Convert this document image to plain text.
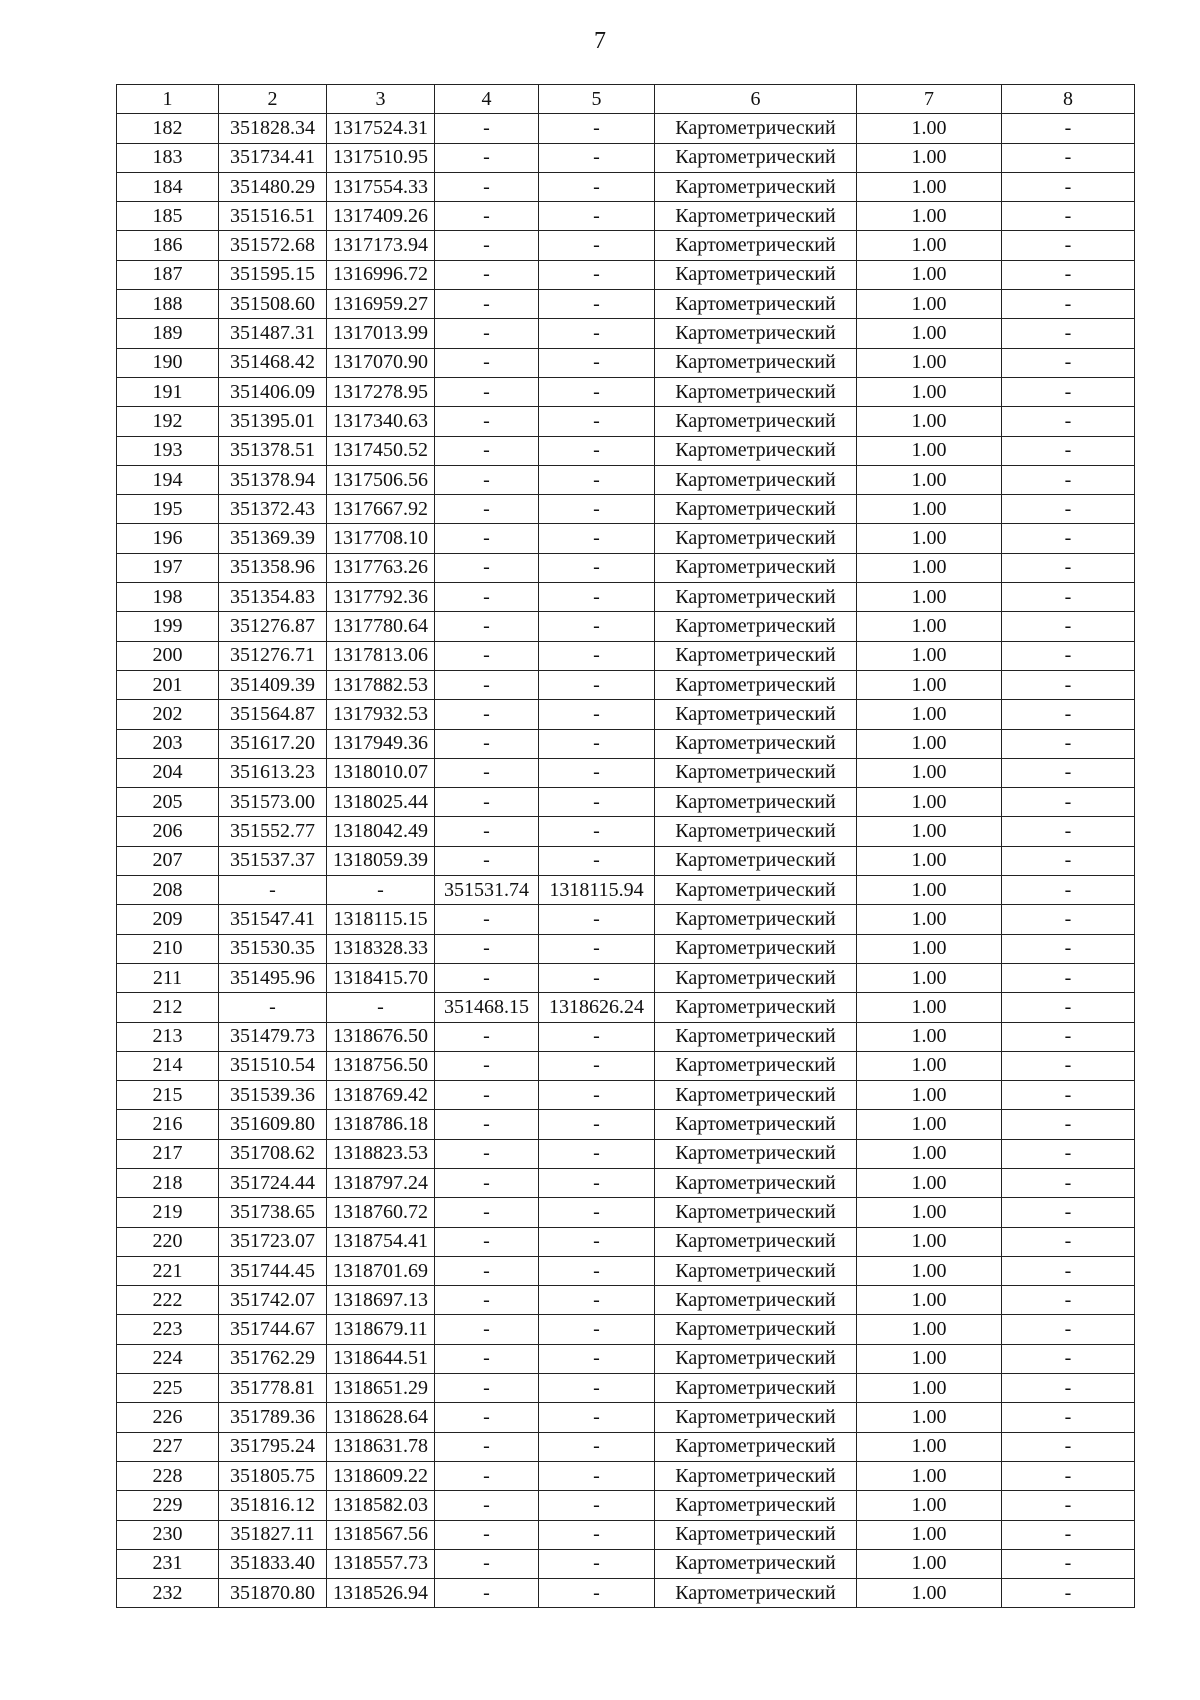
7
1	2	3	4	5	6	7	8
182	351828.34	1317524.31	-	-	Картометрический	1.00	-
183	351734.41	1317510.95	-	-	Картометрический	1.00	-
184	351480.29	1317554.33	-	-	Картометрический	1.00	-
185	351516.51	1317409.26	-	-	Картометрический	1.00	-
186	351572.68	1317173.94	-	-	Картометрический	1.00	-
187	351595.15	1316996.72	-	-	Картометрический	1.00	-
188	351508.60	1316959.27	-	-	Картометрический	1.00	-
189	351487.31	1317013.99	-	-	Картометрический	1.00	-
190	351468.42	1317070.90	-	-	Картометрический	1.00	-
191	351406.09	1317278.95	-	-	Картометрический	1.00	-
192	351395.01	1317340.63	-	-	Картометрический	1.00	-
193	351378.51	1317450.52	-	-	Картометрический	1.00	-
194	351378.94	1317506.56	-	-	Картометрический	1.00	-
195	351372.43	1317667.92	-	-	Картометрический	1.00	-
196	351369.39	1317708.10	-	-	Картометрический	1.00	-
197	351358.96	1317763.26	-	-	Картометрический	1.00	-
198	351354.83	1317792.36	-	-	Картометрический	1.00	-
199	351276.87	1317780.64	-	-	Картометрический	1.00	-
200	351276.71	1317813.06	-	-	Картометрический	1.00	-
201	351409.39	1317882.53	-	-	Картометрический	1.00	-
202	351564.87	1317932.53	-	-	Картометрический	1.00	-
203	351617.20	1317949.36	-	-	Картометрический	1.00	-
204	351613.23	1318010.07	-	-	Картометрический	1.00	-
205	351573.00	1318025.44	-	-	Картометрический	1.00	-
206	351552.77	1318042.49	-	-	Картометрический	1.00	-
207	351537.37	1318059.39	-	-	Картометрический	1.00	-
208	-	-	351531.74	1318115.94	Картометрический	1.00	-
209	351547.41	1318115.15	-	-	Картометрический	1.00	-
210	351530.35	1318328.33	-	-	Картометрический	1.00	-
211	351495.96	1318415.70	-	-	Картометрический	1.00	-
212	-	-	351468.15	1318626.24	Картометрический	1.00	-
213	351479.73	1318676.50	-	-	Картометрический	1.00	-
214	351510.54	1318756.50	-	-	Картометрический	1.00	-
215	351539.36	1318769.42	-	-	Картометрический	1.00	-
216	351609.80	1318786.18	-	-	Картометрический	1.00	-
217	351708.62	1318823.53	-	-	Картометрический	1.00	-
218	351724.44	1318797.24	-	-	Картометрический	1.00	-
219	351738.65	1318760.72	-	-	Картометрический	1.00	-
220	351723.07	1318754.41	-	-	Картометрический	1.00	-
221	351744.45	1318701.69	-	-	Картометрический	1.00	-
222	351742.07	1318697.13	-	-	Картометрический	1.00	-
223	351744.67	1318679.11	-	-	Картометрический	1.00	-
224	351762.29	1318644.51	-	-	Картометрический	1.00	-
225	351778.81	1318651.29	-	-	Картометрический	1.00	-
226	351789.36	1318628.64	-	-	Картометрический	1.00	-
227	351795.24	1318631.78	-	-	Картометрический	1.00	-
228	351805.75	1318609.22	-	-	Картометрический	1.00	-
229	351816.12	1318582.03	-	-	Картометрический	1.00	-
230	351827.11	1318567.56	-	-	Картометрический	1.00	-
231	351833.40	1318557.73	-	-	Картометрический	1.00	-
232	351870.80	1318526.94	-	-	Картометрический	1.00	-
